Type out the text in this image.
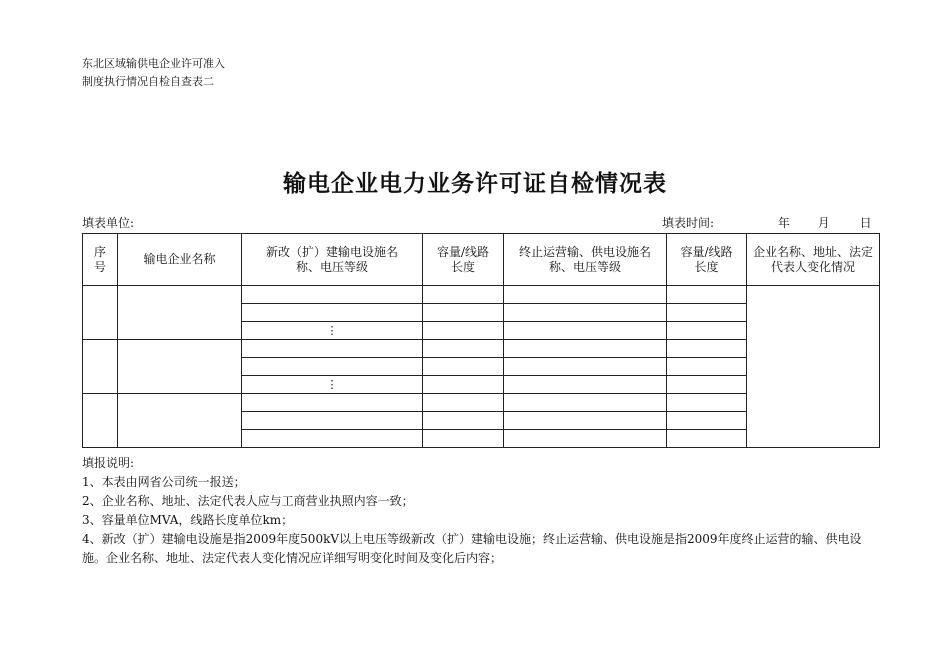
东北区域输供电企业许可准入
制度执行情况自检自查表二
输电企业电力业务许可证自检情况表
填表单位:	填表时间:	年 月 日
序号	输电企业名称	新改（扩）建输电设施名称、电压等级	容量/线路长度	终止运营输、供电设施名称、电压等级	容量/线路长度	企业名称、地址、法定代表人变化情况

		⋮				

		⋮				

填报说明:
1、本表由网省公司统一报送；
2、企业名称、地址、法定代表人应与工商营业执照内容一致；
3、容量单位MVA，线路长度单位km；
4、新改（扩）建输电设施是指2009年度500kV以上电压等级新改（扩）建输电设施；终止运营输、供电设施是指2009年度终止运营的输、供电设施。企业名称、地址、法定代表人变化情况应详细写明变化时间及变化后内容；
